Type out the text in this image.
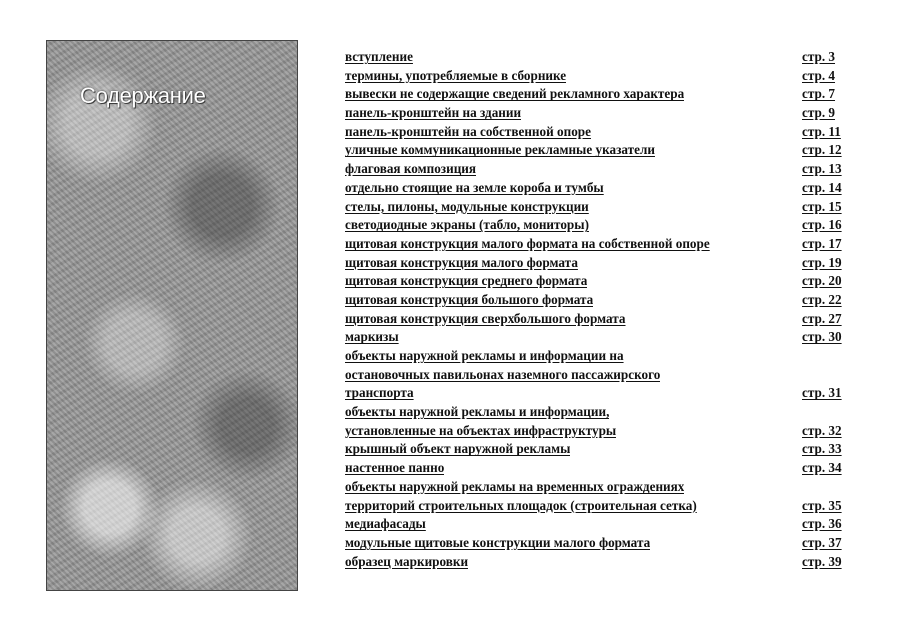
Содержание
вступление	стр. 3
термины, употребляемые в сборнике	стр. 4
вывески не содержащие сведений рекламного характера	стр. 7
панель-кронштейн на здании	стр. 9
панель-кронштейн на собственной опоре	стр. 11
уличные коммуникационные рекламные указатели	стр. 12
флаговая композиция	стр. 13
отдельно стоящие на земле короба и тумбы	стр. 14
стелы, пилоны, модульные конструкции	стр. 15
светодиодные экраны (табло, мониторы)	стр. 16
щитовая конструкция малого формата на собственной опоре	стр. 17
щитовая конструкция малого формата	стр. 19
щитовая конструкция среднего формата	стр. 20
щитовая конструкция большого формата	стр. 22
щитовая конструкция сверхбольшого формата	стр. 27
маркизы	стр. 30
объекты наружной рекламы и информации на
остановочных павильонах наземного пассажирского
транспорта	стр. 31
объекты наружной рекламы и информации,
установленные на объектах инфраструктуры	стр. 32
крышный объект наружной рекламы	стр. 33
настенное панно	стр. 34
объекты наружной рекламы на временных ограждениях
территорий строительных площадок (строительная сетка)	стр. 35
медиафасады	стр. 36
модульные щитовые конструкции малого формата	стр. 37
образец маркировки	стр. 39
